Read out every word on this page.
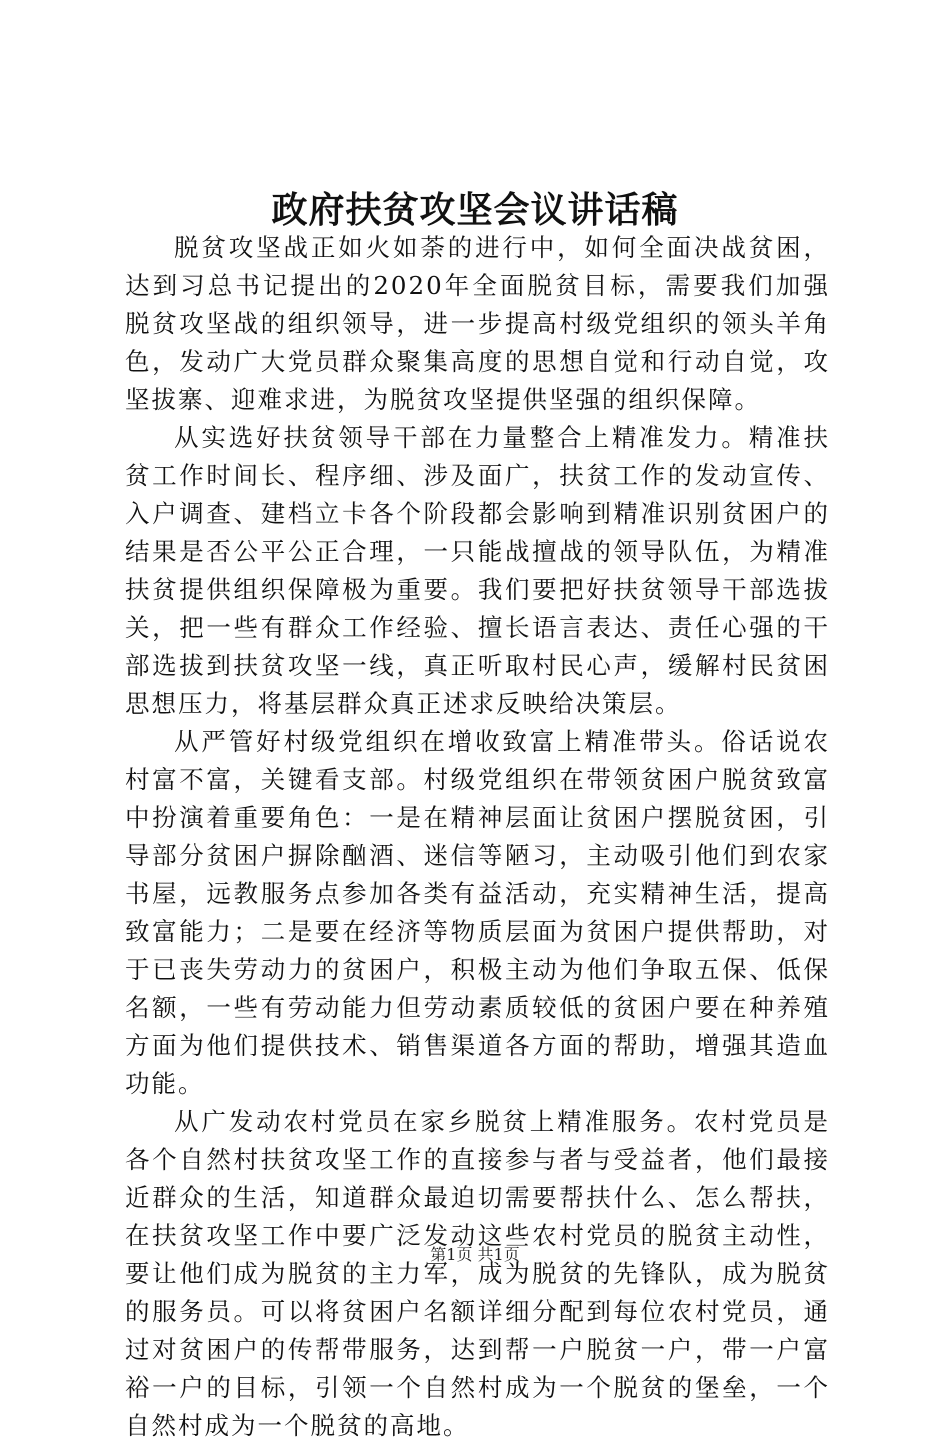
政府扶贫攻坚会议讲话稿

脱贫攻坚战正如火如荼的进行中，如何全面决战贫困，达到习总书记提出的2020年全面脱贫目标，需要我们加强脱贫攻坚战的组织领导，进一步提高村级党组织的领头羊角色，发动广大党员群众聚集高度的思想自觉和行动自觉，攻坚拔寨、迎难求进，为脱贫攻坚提供坚强的组织保障。

从实选好扶贫领导干部在力量整合上精准发力。精准扶贫工作时间长、程序细、涉及面广，扶贫工作的发动宣传、入户调查、建档立卡各个阶段都会影响到精准识别贫困户的结果是否公平公正合理，一只能战擅战的领导队伍，为精准扶贫提供组织保障极为重要。我们要把好扶贫领导干部选拔关，把一些有群众工作经验、擅长语言表达、责任心强的干部选拔到扶贫攻坚一线，真正听取村民心声，缓解村民贫困思想压力，将基层群众真正述求反映给决策层。

从严管好村级党组织在增收致富上精准带头。俗话说农村富不富，关键看支部。村级党组织在带领贫困户脱贫致富中扮演着重要角色：一是在精神层面让贫困户摆脱贫困，引导部分贫困户摒除酗酒、迷信等陋习，主动吸引他们到农家书屋，远教服务点参加各类有益活动，充实精神生活，提高致富能力；二是要在经济等物质层面为贫困户提供帮助，对于已丧失劳动力的贫困户，积极主动为他们争取五保、低保名额，一些有劳动能力但劳动素质较低的贫困户要在种养殖方面为他们提供技术、销售渠道各方面的帮助，增强其造血功能。

从广发动农村党员在家乡脱贫上精准服务。农村党员是各个自然村扶贫攻坚工作的直接参与者与受益者，他们最接近群众的生活，知道群众最迫切需要帮扶什么、怎么帮扶，在扶贫攻坚工作中要广泛发动这些农村党员的脱贫主动性，要让他们成为脱贫的主力军，成为脱贫的先锋队，成为脱贫的服务员。可以将贫困户名额详细分配到每位农村党员，通过对贫困户的传帮带服务，达到帮一户脱贫一户，带一户富裕一户的目标，引领一个自然村成为一个脱贫的堡垒，一个自然村成为一个脱贫的高地。

第1页 共1页
